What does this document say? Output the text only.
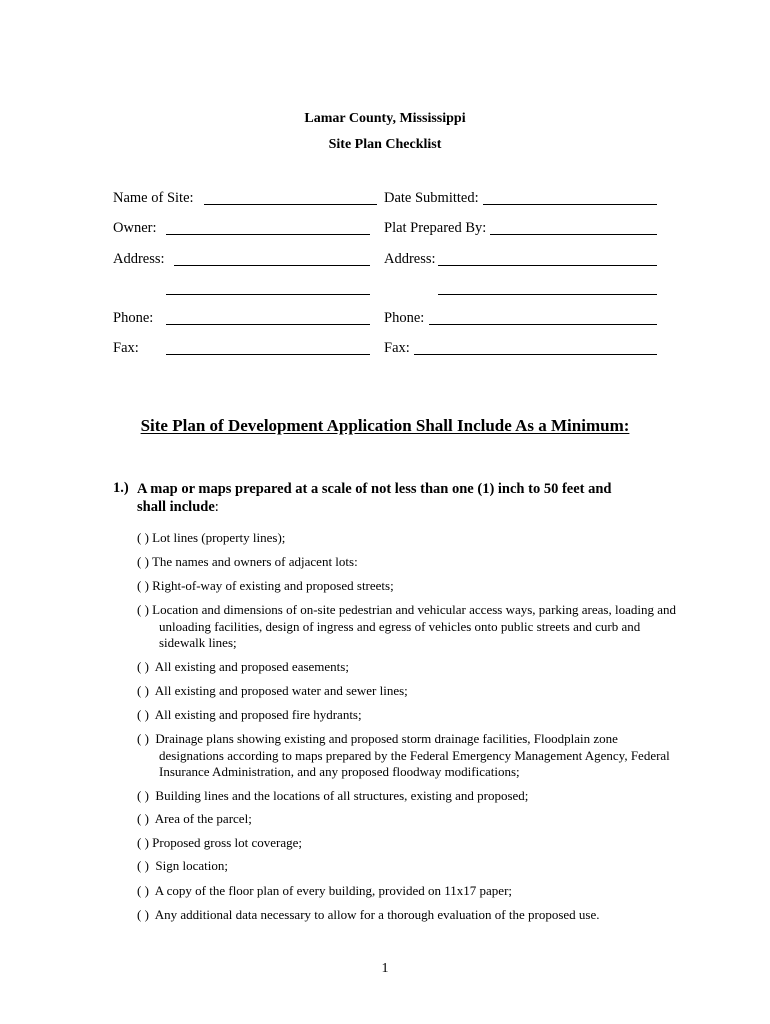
Lamar County, Mississippi
Site Plan Checklist
Name of Site:
Owner:
Address:
Phone:
Fax:
Date Submitted:
Plat Prepared By:
Address:
Phone:
Fax:
Site Plan of Development Application Shall Include As a Minimum:
1.) A map or maps prepared at a scale of not less than one (1) inch to 50 feet and
shall include:
( ) Lot lines (property lines);
( ) The names and owners of adjacent lots:
( ) Right-of-way of existing and proposed streets;
( ) Location and dimensions of on-site pedestrian and vehicular access ways, parking areas, loading and unloading facilities, design of ingress and egress of vehicles onto public streets and curb and sidewalk lines;
( ) All existing and proposed easements;
( ) All existing and proposed water and sewer lines;
( ) All existing and proposed fire hydrants;
( ) Drainage plans showing existing and proposed storm drainage facilities, Floodplain zone designations according to maps prepared by the Federal Emergency Management Agency, Federal Insurance Administration, and any proposed floodway modifications;
( ) Building lines and the locations of all structures, existing and proposed;
( ) Area of the parcel;
( ) Proposed gross lot coverage;
( ) Sign location;
( ) A copy of the floor plan of every building, provided on 11x17 paper;
( ) Any additional data necessary to allow for a thorough evaluation of the proposed use.
1
